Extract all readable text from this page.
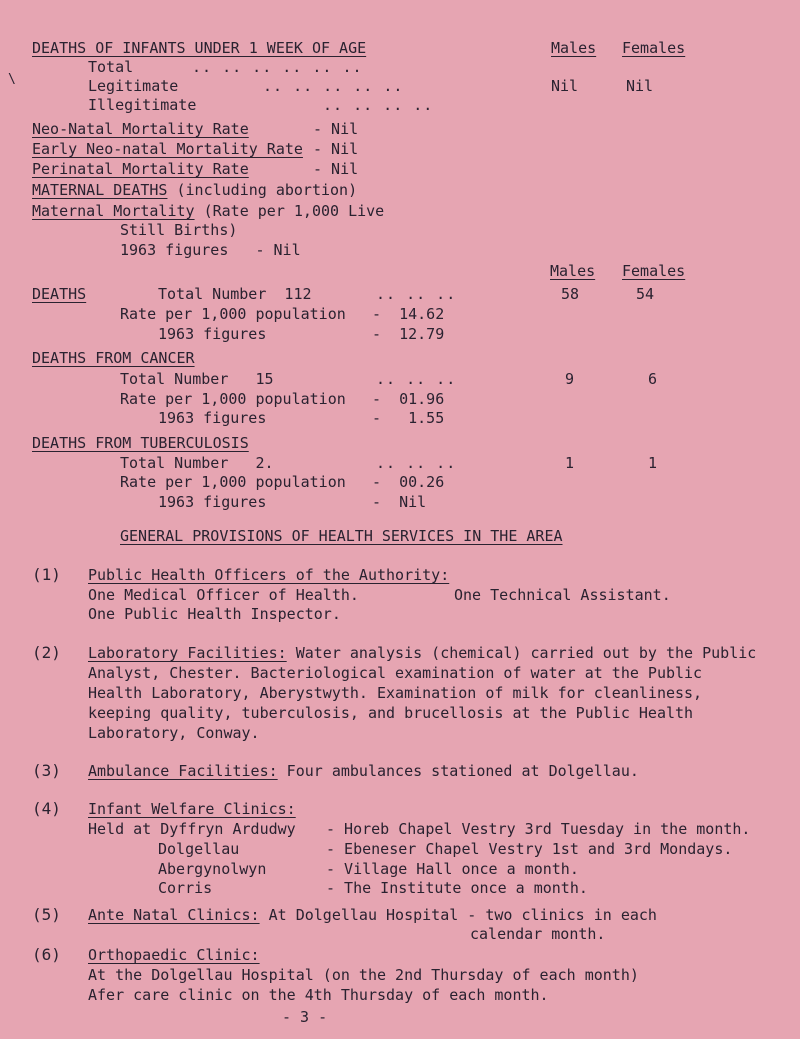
DEATHS OF INFANTS UNDER 1 WEEK OF AGE	Males Females
\
Total	.. .. .. .. .. ..
Legitimate	.. .. .. .. ..	Nil	Nil
Illegitimate	.. .. .. ..
Neo-Natal Mortality Rate	- Nil
Early Neo-natal Mortality Rate - Nil
Perinatal Mortality Rate	- Nil
MATERNAL DEATHS (including abortion)
Maternal Mortality (Rate per 1,000 Live
Still Births)
1963 figures   - Nil
Males Females
DEATHS	Total Number  112	.. .. ..	58	54
Rate per 1,000 population -  14.62
1963 figures	-  12.79
DEATHS FROM CANCER
Total Number   15	.. .. ..	9	6
Rate per 1,000 population -  01.96
1963 figures	-   1.55
DEATHS FROM TUBERCULOSIS
Total Number   2.	.. .. ..	1	1
Rate per 1,000 population -  00.26
1963 figures	-  Nil
GENERAL PROVISIONS OF HEALTH SERVICES IN THE AREA
(1) Public Health Officers of the Authority:
One Medical Officer of Health.	One Technical Assistant.
One Public Health Inspector.
(2) Laboratory Facilities: Water analysis (chemical) carried out by the Public
Analyst, Chester. Bacteriological examination of water at the Public
Health Laboratory, Aberystwyth. Examination of milk for cleanliness,
keeping quality, tuberculosis, and brucellosis at the Public Health
Laboratory, Conway.
(3) Ambulance Facilities: Four ambulances stationed at Dolgellau.
(4) Infant Welfare Clinics:
Held at Dyffryn Ardudwy - Horeb Chapel Vestry 3rd Tuesday in the month.
Dolgellau	- Ebeneser Chapel Vestry 1st and 3rd Mondays.
Abergynolwyn	- Village Hall once a month.
Corris	- The Institute once a month.
(5) Ante Natal Clinics: At Dolgellau Hospital - two clinics in each
calendar month.
(6) Orthopaedic Clinic:
At the Dolgellau Hospital (on the 2nd Thursday of each month)
Afer care clinic on the 4th Thursday of each month.
- 3 -
